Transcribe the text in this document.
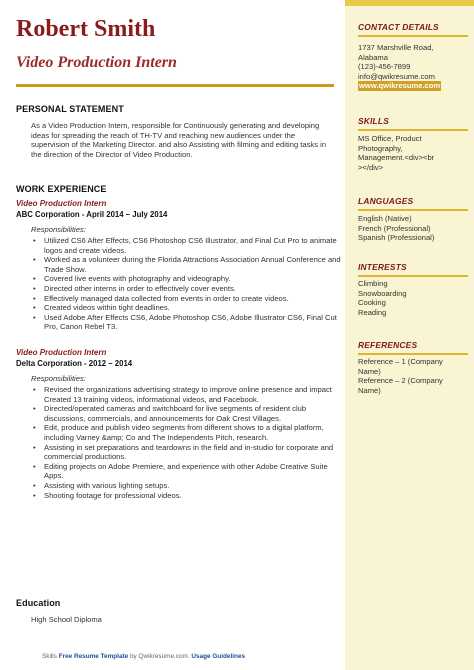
Robert Smith
Video Production Intern
PERSONAL STATEMENT
As a Video Production Intern, responsible for Continuously generating and developing ideas for spreading the reach of TH-TV and reaching new audiences under the supervision of the Marketing Director. and also Assisting with filming and editing tasks in the direction of the Director of Video Production.
WORK EXPERIENCE
Video Production Intern
ABC Corporation - April 2014 – July 2014
Responsibilities:
• Utilized CS6 After Effects, CS6 Photoshop CS6 Illustrator, and Final Cut Pro to animate logos and create videos.
• Worked as a volunteer during the Florida Attractions Association Annual Conference and Trade Show.
• Covered live events with photography and videography.
• Directed other interns in order to effectively cover events.
• Effectively managed data collected from events in order to create videos.
• Created videos within tight deadlines.
• Used Adobe After Effects CS6, Adobe Photoshop CS6, Adobe Illustrator CS6, Final Cut Pro, Canon Rebel T3.
Video Production Intern
Delta Corporation - 2012 – 2014
Responsibilities:
• Revised the organizations advertising strategy to improve online presence and impact Created 13 training videos, informational videos, and Facebook.
• Directed/operated cameras and switchboard for live segments of resident club discussions, commercials, and announcements for Oak Crest Villages.
• Edit, produce and publish video segments from different shows to a digital platform, including Varney &amp; Co and The Independents Pitch, research.
• Assisting in set preparations and teardowns in the field and in-studio for corporate and commercial productions.
• Editing projects on Adobe Premiere, and experience with other Adobe Creative Suite Apps.
• Assisting with various lighting setups.
• Shooting footage for professional videos.
Education
High School Diploma
Skills Free Resume Template by Qwikresume.com. Usage Guidelines
CONTACT DETAILS
1737 Marshville Road,
Alabama
(123)-456-7899
info@qwikresume.com
www.qwikresume.com
SKILLS
MS Office, Product
Photography,
Management.<div><br
></div>
LANGUAGES
English (Native)
French (Professional)
Spanish (Professional)
INTERESTS
Climbing
Snowboarding
Cooking
Reading
REFERENCES
Reference – 1 (Company
Name)
Reference – 2 (Company
Name)
